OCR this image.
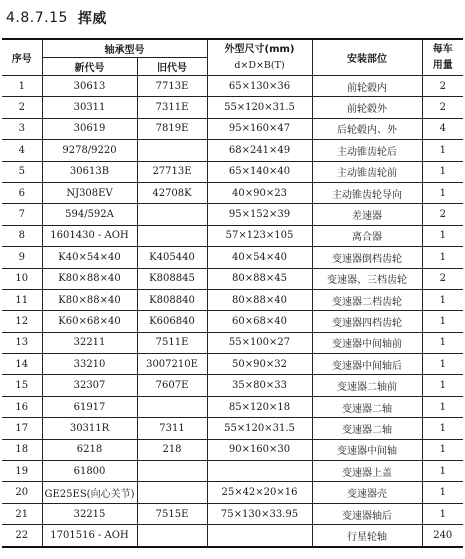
4.8.7.15 挥威
序号	轴承型号		外型尺寸(mm)
d×D×B(T)	安装部位	每车
用量

	新代号	旧代号			
1	30613	7713E	65×130×36	前轮毂内	2
2	30311	7311E	55×120×31.5	前轮毂外	2
3	30619	7819E	95×160×47	后轮毂内、外	4
4	9278/9220		68×241×49	主动锥齿轮后	1
5	30613B	27713E	65×140×40	主动锥齿轮前	1
6	NJ308EV	42708K	40×90×23	主动锥齿轮导向	1
7	594/592A		95×152×39	差速器	2
8	1601430 - AOH		57×123×105	离合器	1
9	K40×54×40	K405440	40×54×40	变速器倒档齿轮	1
10	K80×88×40	K808845	80×88×45	变速器、三档齿轮	2
11	K80×88×40	K808840	80×88×40	变速器二档齿轮	1
12	K60×68×40	K606840	60×68×40	变速器四档齿轮	1
13	32211	7511E	55×100×27	变速器中间轴前	1
14	33210	3007210E	50×90×32	变速器中间轴后	1
15	32307	7607E	35×80×33	变速器二轴前	1
16	61917		85×120×18	变速器二轴	1
17	30311R	7311	55×120×31.5	变速器二轴	1
18	6218	218	90×160×30	变速器中间轴	1
19	61800			变速器上盖	1
20	GE25ES(向心关节)		25×42×20×16	变速器壳	1
21	32215	7515E	75×130×33.95	变速器轴后	1
22	1701516 - AOH			行星轮轴	240
